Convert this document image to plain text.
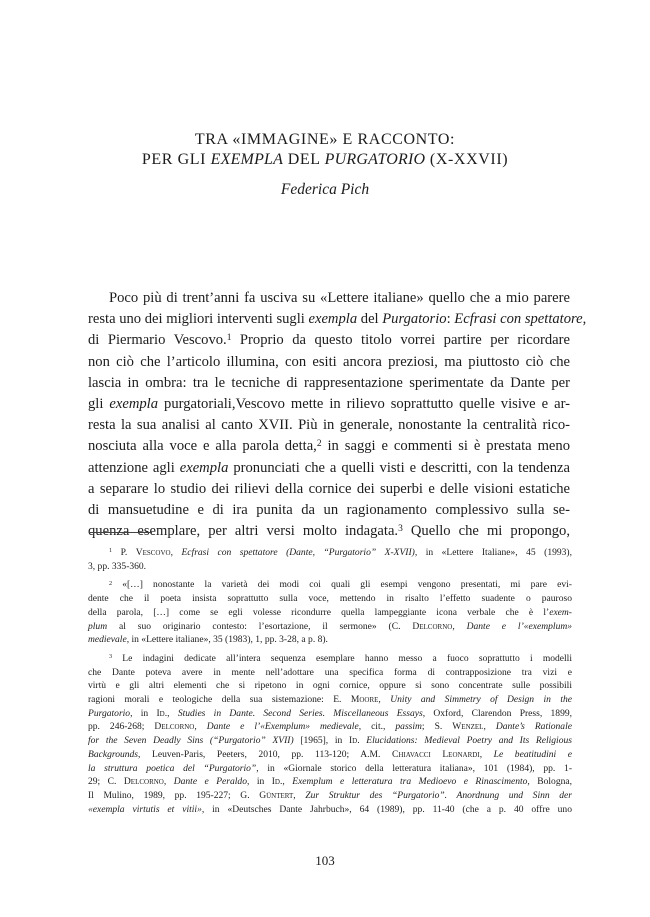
TRA «IMMAGINE» E RACCONTO:
PER GLI EXEMPLA DEL PURGATORIO (X-XXVII)
Federica Pich
Poco più di trent’anni fa usciva su «Lettere italiane» quello che a mio parere
resta uno dei migliori interventi sugli exempla del Purgatorio: Ecfrasi con spettatore,
di Piermario Vescovo.$^1$ Proprio da questo titolo vorrei partire per ricordare
non ciò che l’articolo illumina, con esiti ancora preziosi, ma piuttosto ciò che
lascia in ombra: tra le tecniche di rappresentazione sperimentate da Dante per
gli exempla purgatoriali,Vescovo mette in rilievo soprattutto quelle visive e ar-
resta la sua analisi al canto XVII. Più in generale, nonostante la centralità rico-
nosciuta alla voce e alla parola detta,$^2$ in saggi e commenti si è prestata meno
attenzione agli exempla pronunciati che a quelli visti e descritti, con la tendenza
a separare lo studio dei rilievi della cornice dei superbi e delle visioni estatiche
di mansuetudine e di ira punita da un ragionamento complessivo sulla se-
quenza esemplare, per altri versi molto indagata.$^3$ Quello che mi propongo,
$^1$ P. Vescovo, Ecfrasi con spettatore (Dante, “Purgatorio” X-XVII), in «Lettere Italiane», 45 (1993),
3, pp. 335-360.
$^2$ «[…] nonostante la varietà dei modi coi quali gli esempi vengono presentati, mi pare evi-
dente che il poeta insista soprattutto sulla voce, mettendo in risalto l’effetto suadente o pauroso
della parola, […] come se egli volesse ricondurre quella lampeggiante icona verbale che è l’exem-
plum al suo originario contesto: l’esortazione, il sermone» (C. Delcorno, Dante e l’«exemplum»
medievale, in «Lettere italiane», 35 (1983), 1, pp. 3-28, a p. 8).
$^3$ Le indagini dedicate all’intera sequenza esemplare hanno messo a fuoco soprattutto i modelli
che Dante poteva avere in mente nell’adottare una specifica forma di contrapposizione tra vizi e
virtù e gli altri elementi che si ripetono in ogni cornice, oppure si sono concentrate sulle possibili
ragioni morali e teologiche della sua sistemazione: E. Moore, Unity and Simmetry of Design in the
Purgatorio, in Id., Studies in Dante. Second Series. Miscellaneous Essays, Oxford, Clarendon Press, 1899,
pp. 246-268; Delcorno, Dante e l’«Exemplum» medievale, cit., passim; S. Wenzel, Dante’s Rationale
for the Seven Deadly Sins (“Purgatorio” XVII) [1965], in Id. Elucidations: Medieval Poetry and Its Religious
Backgrounds, Leuven-Paris, Peeters, 2010, pp. 113-120; A.M. Chiavacci Leonardi, Le beatitudini e
la struttura poetica del “Purgatorio”, in «Giornale storico della letteratura italiana», 101 (1984), pp. 1-
29; C. Delcorno, Dante e Peraldo, in Id., Exemplum e letteratura tra Medioevo e Rinascimento, Bologna,
Il Mulino, 1989, pp. 195-227; G. Güntert, Zur Struktur des “Purgatorio”. Anordnung und Sinn der
«exempla virtutis et vitii», in «Deutsches Dante Jahrbuch», 64 (1989), pp. 11-40 (che a p. 40 offre uno
103
